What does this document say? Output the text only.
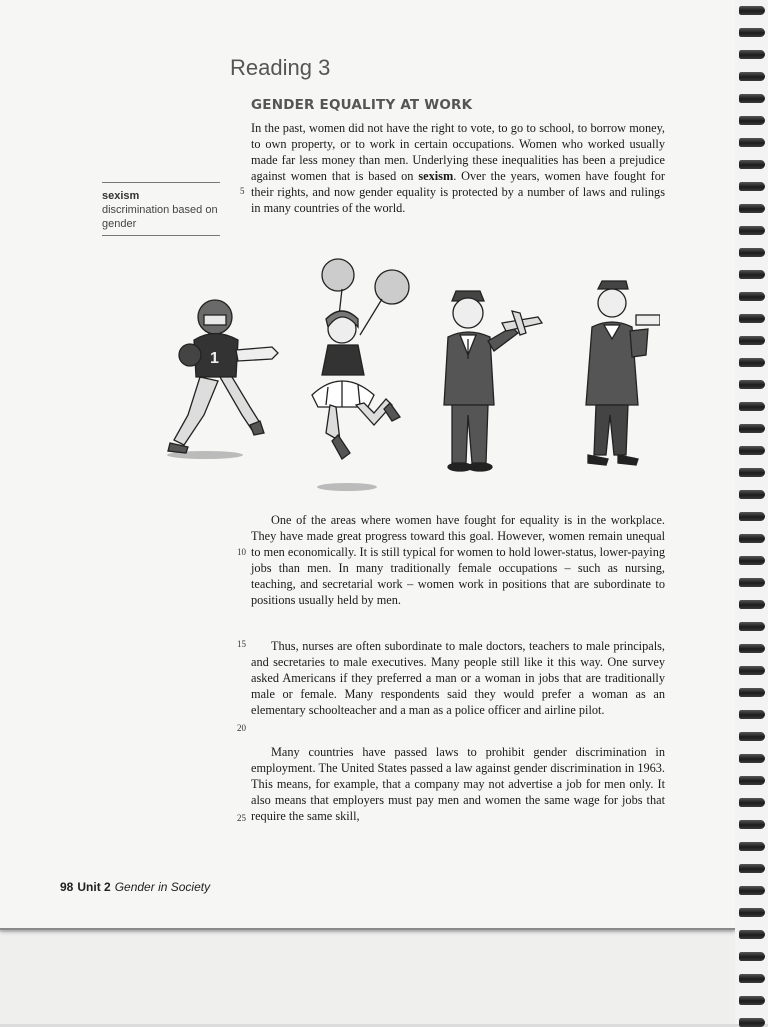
Reading 3
GENDER EQUALITY AT WORK

In the past, women did not have the right to vote, to go to school, to borrow money, to own property, or to work in certain occupations. Women who worked usually made far less money than men. Underlying these inequalities has been a prejudice against women that is based on sexism. Over the years, women have fought for their rights, and now gender equality is protected by a number of laws and rulings in many countries of the world.

sexism
discrimination based on gender
1

One of the areas where women have fought for equality is in the workplace. They have made great progress toward this goal. However, women remain unequal to men economically. It is still typical for women to hold lower-status, lower-paying jobs than men. In many traditionally female occupations – such as nursing, teaching, and secretarial work – women work in positions that are subordinate to positions usually held by men.

Thus, nurses are often subordinate to male doctors, teachers to male principals, and secretaries to male executives. Many people still like it this way. One survey asked Americans if they preferred a man or a woman in jobs that are traditionally male or female. Many respondents said they would prefer a woman as an elementary schoolteacher and a man as a police officer and airline pilot.

Many countries have passed laws to prohibit gender discrimination in employment. The United States passed a law against gender discrimination in 1963. This means, for example, that a company may not advertise a job for men only. It also means that employers must pay men and women the same wage for jobs that require the same skill,

5
10
15
20
25
98 Unit 2 Gender in Society
